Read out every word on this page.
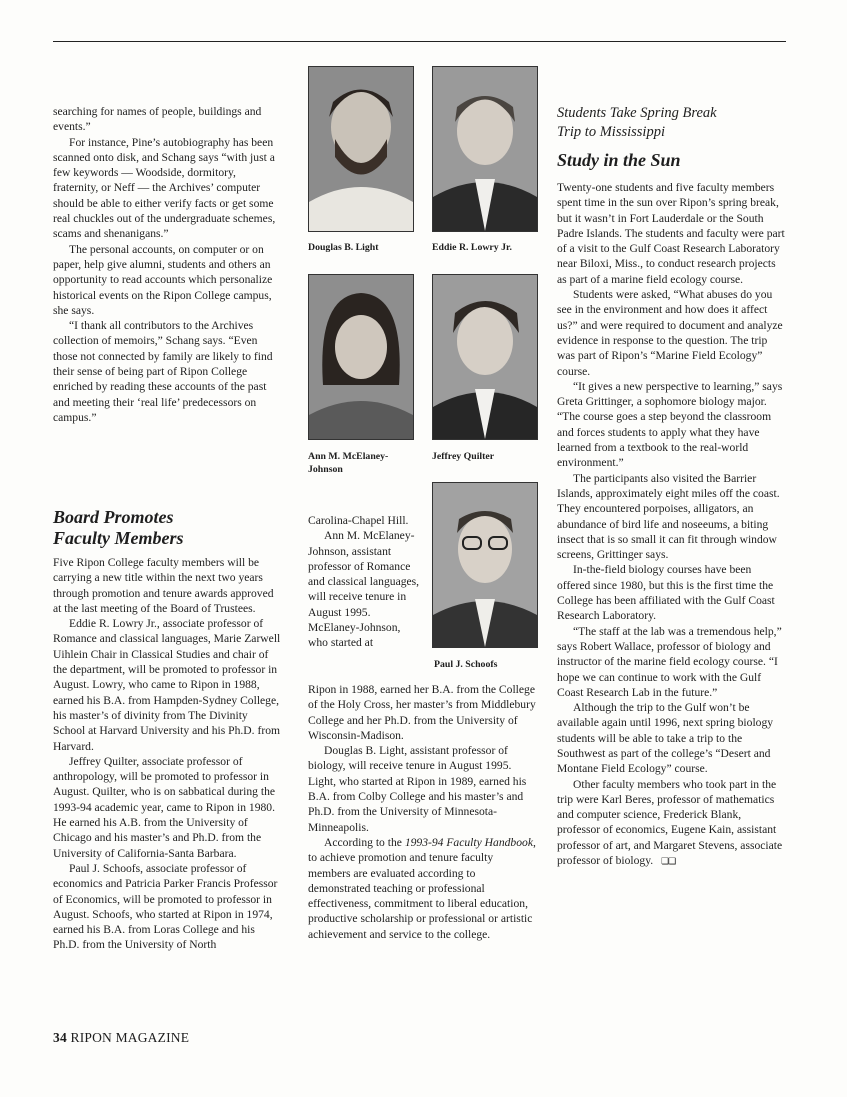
searching for names of people, buildings and events.”

For instance, Pine’s autobiography has been scanned onto disk, and Schang says “with just a few keywords — Woodside, dormitory, fraternity, or Neff — the Archives’ computer should be able to either verify facts or get some real chuckles out of the undergraduate schemes, scams and shenanigans.”

The personal accounts, on computer or on paper, help give alumni, students and others an opportunity to read accounts which personalize historical events on the Ripon College campus, she says.

“I thank all contributors to the Archives collection of memoirs,” Schang says. “Even those not connected by family are likely to find their sense of being part of Ripon College enriched by reading these accounts of the past and meeting their ‘real life’ predecessors on campus.”

Board Promotes
Faculty Members

Five Ripon College faculty members will be carrying a new title within the next two years through promotion and tenure awards approved at the last meeting of the Board of Trustees.

Eddie R. Lowry Jr., associate professor of Romance and classical languages, Marie Zarwell Uihlein Chair in Classical Studies and chair of the department, will be promoted to professor in August. Lowry, who came to Ripon in 1988, earned his B.A. from Hampden-Sydney College, his master’s of divinity from The Divinity School at Harvard University and his Ph.D. from Harvard.

Jeffrey Quilter, associate professor of anthropology, will be promoted to professor in August. Quilter, who is on sabbatical during the 1993-94 academic year, came to Ripon in 1980. He earned his A.B. from the University of Chicago and his master’s and Ph.D. from the University of California-Santa Barbara.

Paul J. Schoofs, associate professor of economics and Patricia Parker Francis Professor of Economics, will be promoted to professor in August. Schoofs, who started at Ripon in 1974, earned his B.A. from Loras College and his Ph.D. from the University of North

Douglas B. Light	Eddie R. Lowry Jr.
Ann M. McElaney-Johnson
Jeffrey Quilter
Paul J. Schoofs

Carolina-Chapel Hill.

Ann M. McElaney-Johnson, assistant professor of Romance and classical languages, will receive tenure in August 1995. McElaney-Johnson, who started at

Ripon in 1988, earned her B.A. from the College of the Holy Cross, her master’s from Middlebury College and her Ph.D. from the University of Wisconsin-Madison.

Douglas B. Light, assistant professor of biology, will receive tenure in August 1995. Light, who started at Ripon in 1989, earned his B.A. from Colby College and his master’s and Ph.D. from the University of Minnesota-Minneapolis.

According to the 1993-94 Faculty Handbook, to achieve promotion and tenure faculty members are evaluated according to demonstrated teaching or professional effectiveness, commitment to liberal education, productive scholarship or professional or artistic achievement and service to the college.

Students Take Spring Break
Trip to Mississippi
Study in the Sun

Twenty-one students and five faculty members spent time in the sun over Ripon’s spring break, but it wasn’t in Fort Lauderdale or the South Padre Islands. The students and faculty were part of a visit to the Gulf Coast Research Laboratory near Biloxi, Miss., to conduct research projects as part of a marine field ecology course.

Students were asked, “What abuses do you see in the environment and how does it affect us?” and were required to document and analyze evidence in response to the question. The trip was part of Ripon’s “Marine Field Ecology” course.

“It gives a new perspective to learning,” says Greta Grittinger, a sophomore biology major. “The course goes a step beyond the classroom and forces students to apply what they have learned from a textbook to the real-world environment.”

The participants also visited the Barrier Islands, approximately eight miles off the coast. They encountered porpoises, alligators, an abundance of bird life and noseeums, a biting insect that is so small it can fit through window screens, Grittinger says.

In-the-field biology courses have been offered since 1980, but this is the first time the College has been affiliated with the Gulf Coast Research Laboratory.

“The staff at the lab was a tremendous help,” says Robert Wallace, professor of biology and instructor of the marine field ecology course. “I hope we can continue to work with the Gulf Coast Research Lab in the future.”

Although the trip to the Gulf won’t be available again until 1996, next spring biology students will be able to take a trip to the Southwest as part of the college’s “Desert and Montane Field Ecology” course.

Other faculty members who took part in the trip were Karl Beres, professor of mathematics and computer science, Frederick Blank, professor of economics, Eugene Kain, assistant professor of art, and Margaret Stevens, associate professor of biology. ❏❏

34 RIPON MAGAZINE
